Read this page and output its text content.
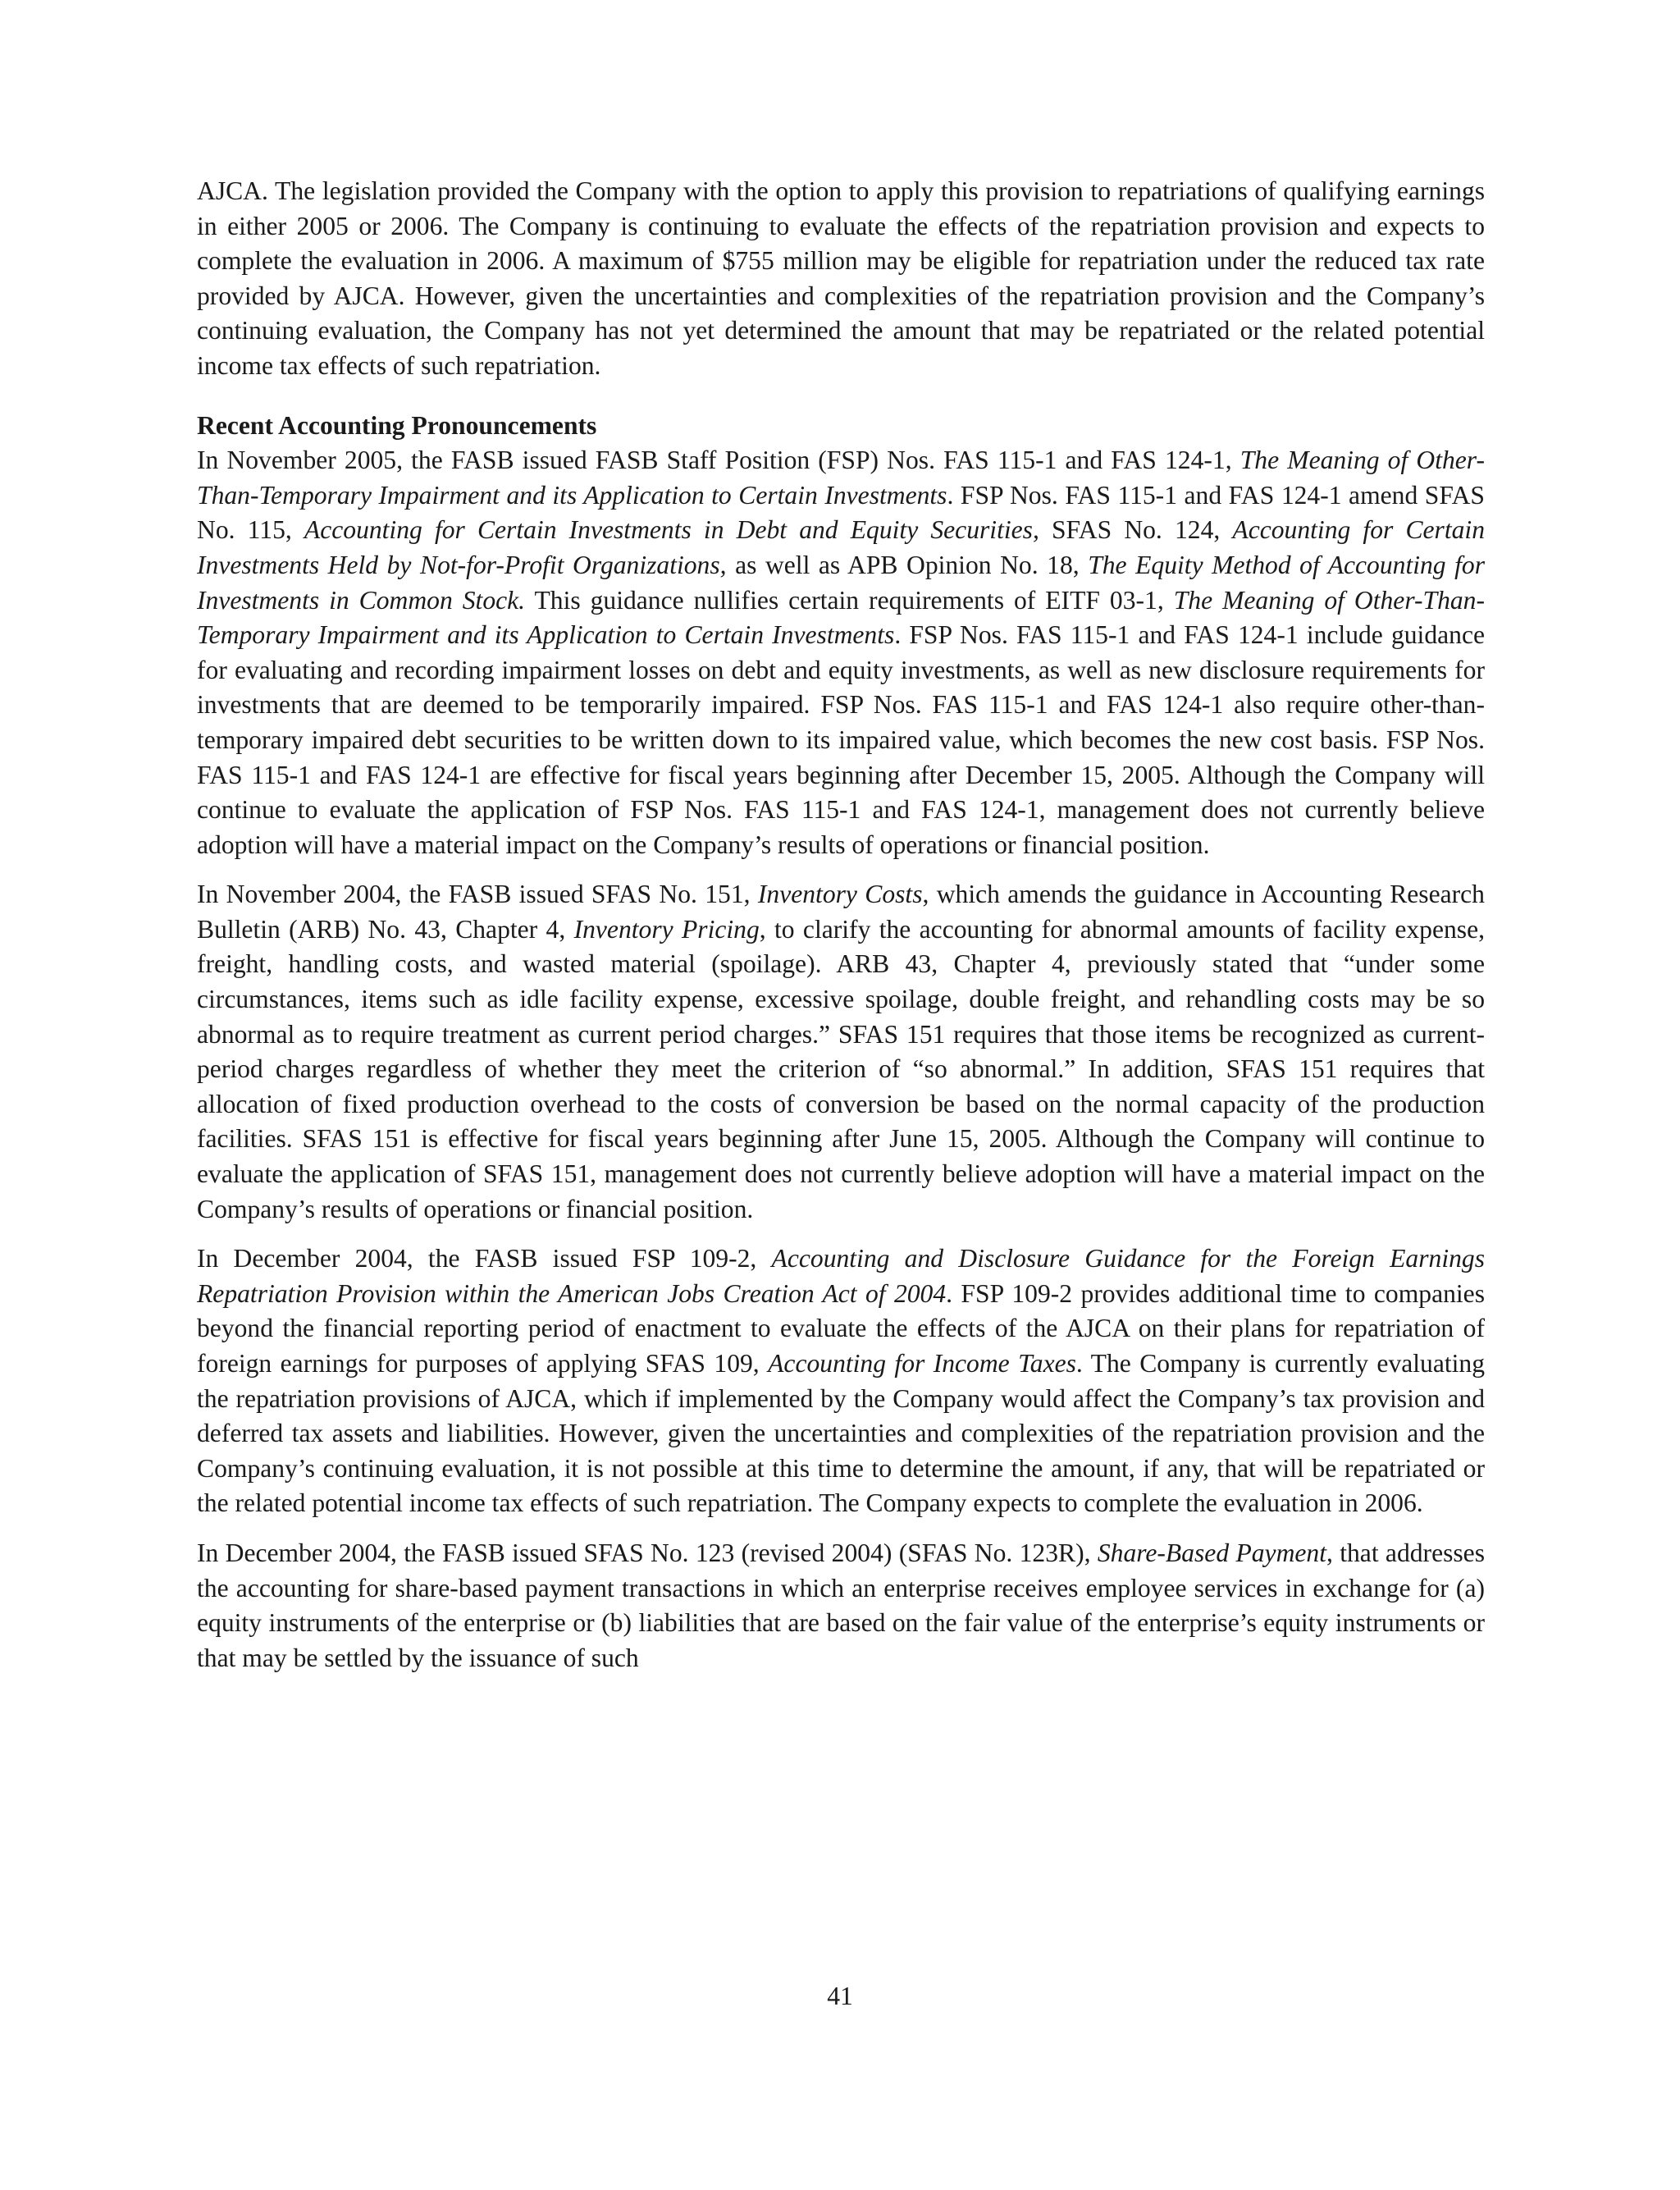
AJCA. The legislation provided the Company with the option to apply this provision to repatriations of qualifying earnings in either 2005 or 2006. The Company is continuing to evaluate the effects of the repatriation provision and expects to complete the evaluation in 2006. A maximum of $755 million may be eligible for repatriation under the reduced tax rate provided by AJCA. However, given the uncertainties and complexities of the repatriation provision and the Company’s continuing evaluation, the Company has not yet determined the amount that may be repatriated or the related potential income tax effects of such repatriation.

Recent Accounting Pronouncements

In November 2005, the FASB issued FASB Staff Position (FSP) Nos. FAS 115-1 and FAS 124-1, The Meaning of Other-Than-Temporary Impairment and its Application to Certain Investments. FSP Nos. FAS 115-1 and FAS 124-1 amend SFAS No. 115, Accounting for Certain Investments in Debt and Equity Securities, SFAS No. 124, Accounting for Certain Investments Held by Not-for-Profit Organizations, as well as APB Opinion No. 18, The Equity Method of Accounting for Investments in Common Stock. This guidance nullifies certain requirements of EITF 03-1, The Meaning of Other-Than-Temporary Impairment and its Application to Certain Investments. FSP Nos. FAS 115-1 and FAS 124-1 include guidance for evaluating and recording impairment losses on debt and equity investments, as well as new disclosure requirements for investments that are deemed to be temporarily impaired. FSP Nos. FAS 115-1 and FAS 124-1 also require other-than-temporary impaired debt securities to be written down to its impaired value, which becomes the new cost basis. FSP Nos. FAS 115-1 and FAS 124-1 are effective for fiscal years beginning after December 15, 2005. Although the Company will continue to evaluate the application of FSP Nos. FAS 115-1 and FAS 124-1, management does not currently believe adoption will have a material impact on the Company’s results of operations or financial position.

In November 2004, the FASB issued SFAS No. 151, Inventory Costs, which amends the guidance in Accounting Research Bulletin (ARB) No. 43, Chapter 4, Inventory Pricing, to clarify the accounting for abnormal amounts of facility expense, freight, handling costs, and wasted material (spoilage). ARB 43, Chapter 4, previously stated that “under some circumstances, items such as idle facility expense, excessive spoilage, double freight, and rehandling costs may be so abnormal as to require treatment as current period charges.” SFAS 151 requires that those items be recognized as current-period charges regardless of whether they meet the criterion of “so abnormal.” In addition, SFAS 151 requires that allocation of fixed production overhead to the costs of conversion be based on the normal capacity of the production facilities. SFAS 151 is effective for fiscal years beginning after June 15, 2005. Although the Company will continue to evaluate the application of SFAS 151, management does not currently believe adoption will have a material impact on the Company’s results of operations or financial position.

In December 2004, the FASB issued FSP 109-2, Accounting and Disclosure Guidance for the Foreign Earnings Repatriation Provision within the American Jobs Creation Act of 2004. FSP 109-2 provides additional time to companies beyond the financial reporting period of enactment to evaluate the effects of the AJCA on their plans for repatriation of foreign earnings for purposes of applying SFAS 109, Accounting for Income Taxes. The Company is currently evaluating the repatriation provisions of AJCA, which if implemented by the Company would affect the Company’s tax provision and deferred tax assets and liabilities. However, given the uncertainties and complexities of the repatriation provision and the Company’s continuing evaluation, it is not possible at this time to determine the amount, if any, that will be repatriated or the related potential income tax effects of such repatriation. The Company expects to complete the evaluation in 2006.

In December 2004, the FASB issued SFAS No. 123 (revised 2004) (SFAS No. 123R), Share-Based Payment, that addresses the accounting for share-based payment transactions in which an enterprise receives employee services in exchange for (a) equity instruments of the enterprise or (b) liabilities that are based on the fair value of the enterprise’s equity instruments or that may be settled by the issuance of such

41
